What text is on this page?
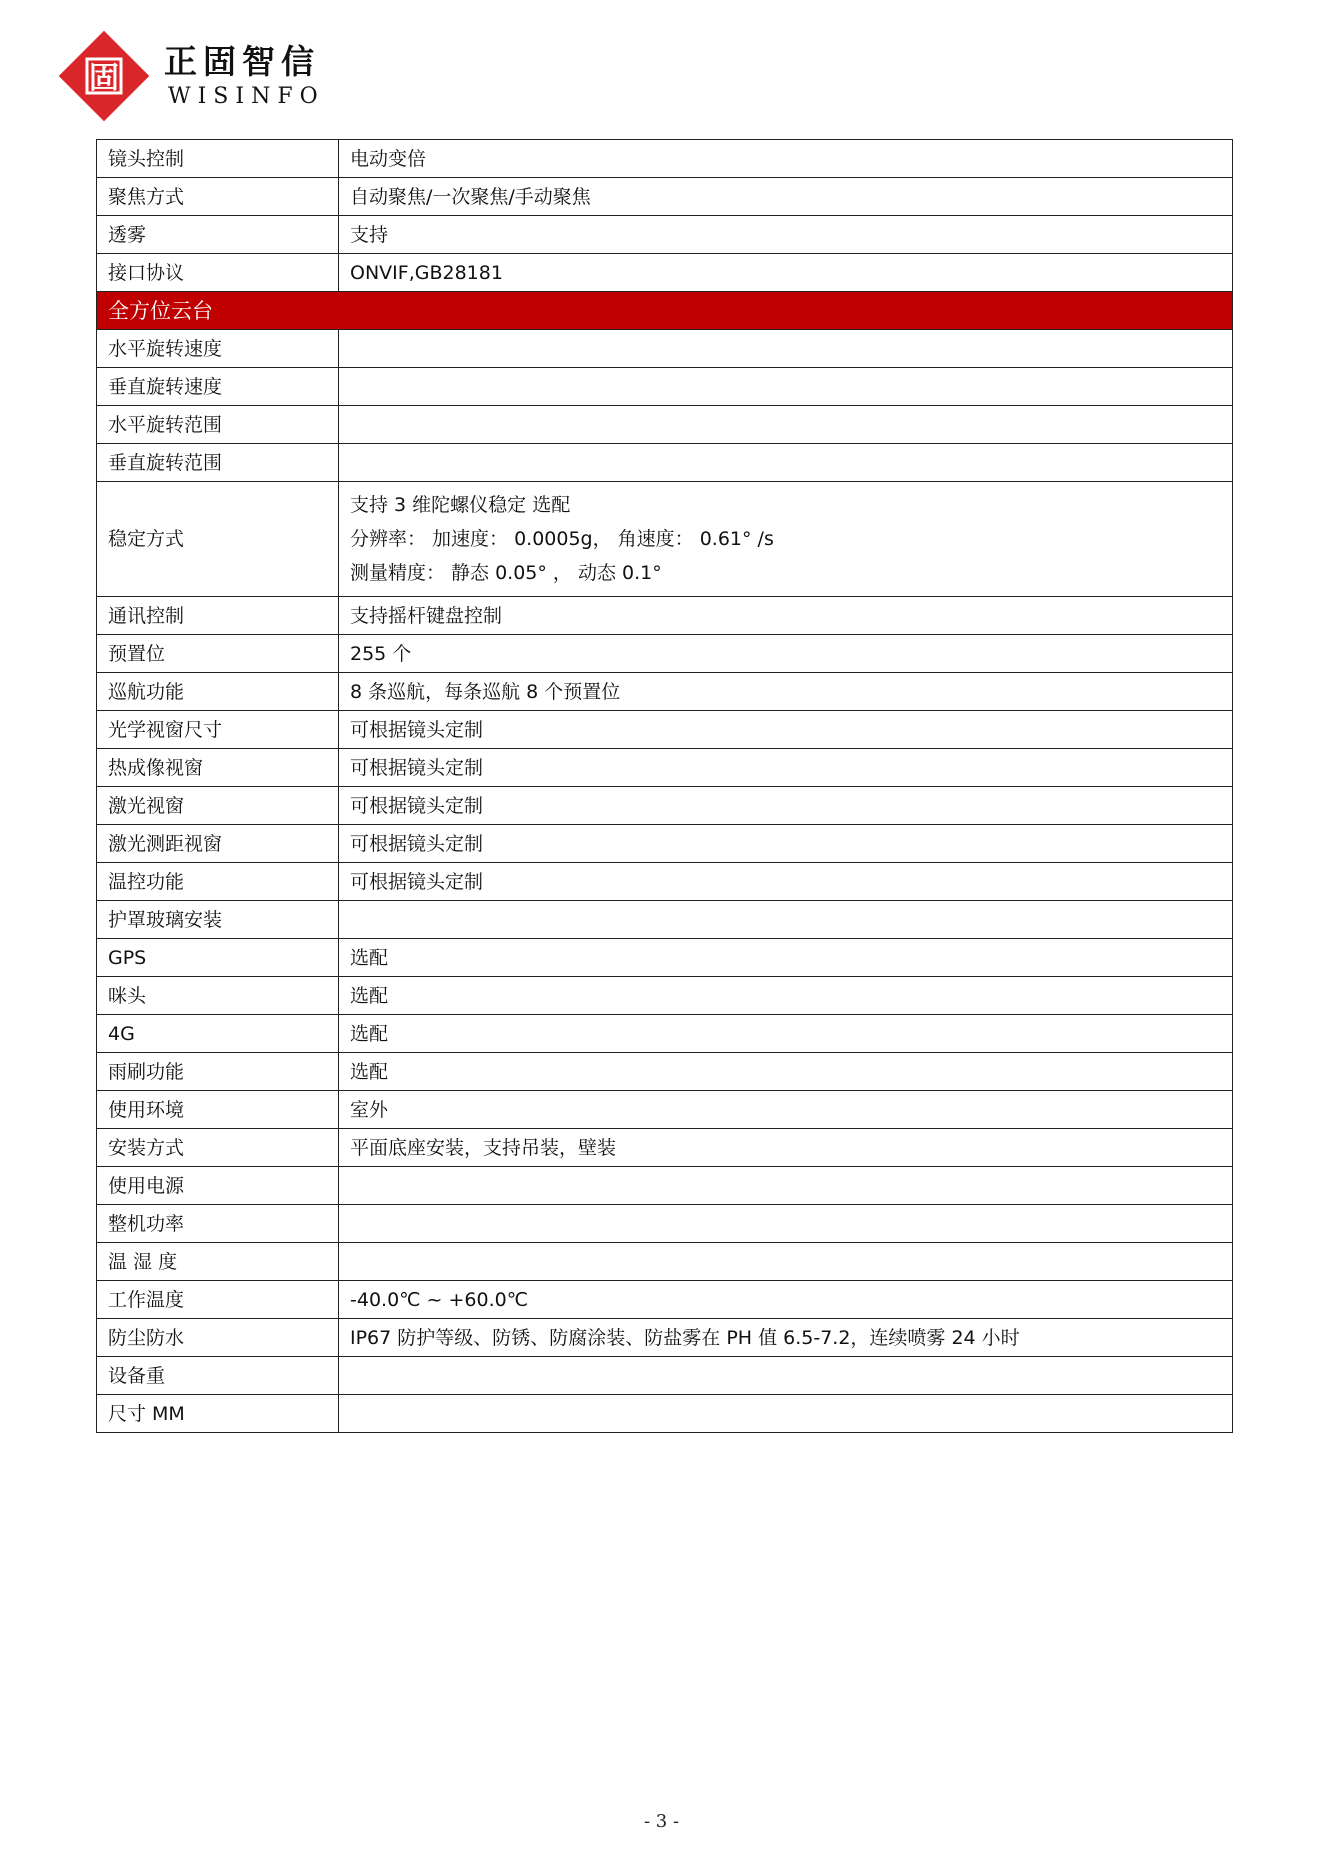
固 正固智信
WISINFO
镜头控制	电动变倍
聚焦方式	自动聚焦/一次聚焦/手动聚焦
透雾	支持
接口协议	ONVIF,GB28181
全方位云台	
水平旋转速度	
垂直旋转速度	
水平旋转范围	
垂直旋转范围	
稳定方式	支持 3 维陀螺仪稳定 选配
分辨率： 加速度： 0.0005g， 角速度： 0.61° /s
测量精度： 静态 0.05° ， 动态 0.1°

通讯控制	支持摇杆键盘控制
预置位	255 个
巡航功能	8 条巡航，每条巡航 8 个预置位
光学视窗尺寸	可根据镜头定制
热成像视窗	可根据镜头定制
激光视窗	可根据镜头定制
激光测距视窗	可根据镜头定制
温控功能	可根据镜头定制
护罩玻璃安装	
GPS	选配
咪头	选配
4G	选配
雨刷功能	选配
使用环境	室外
安装方式	平面底座安装，支持吊装，壁装
使用电源	
整机功率	
温 湿 度	
工作温度	-40.0℃ ~ +60.0℃
防尘防水	IP67 防护等级、防锈、防腐涂装、防盐雾在 PH 值 6.5-7.2，连续喷雾 24 小时
设备重	
尺寸 MM	
- 3 -
